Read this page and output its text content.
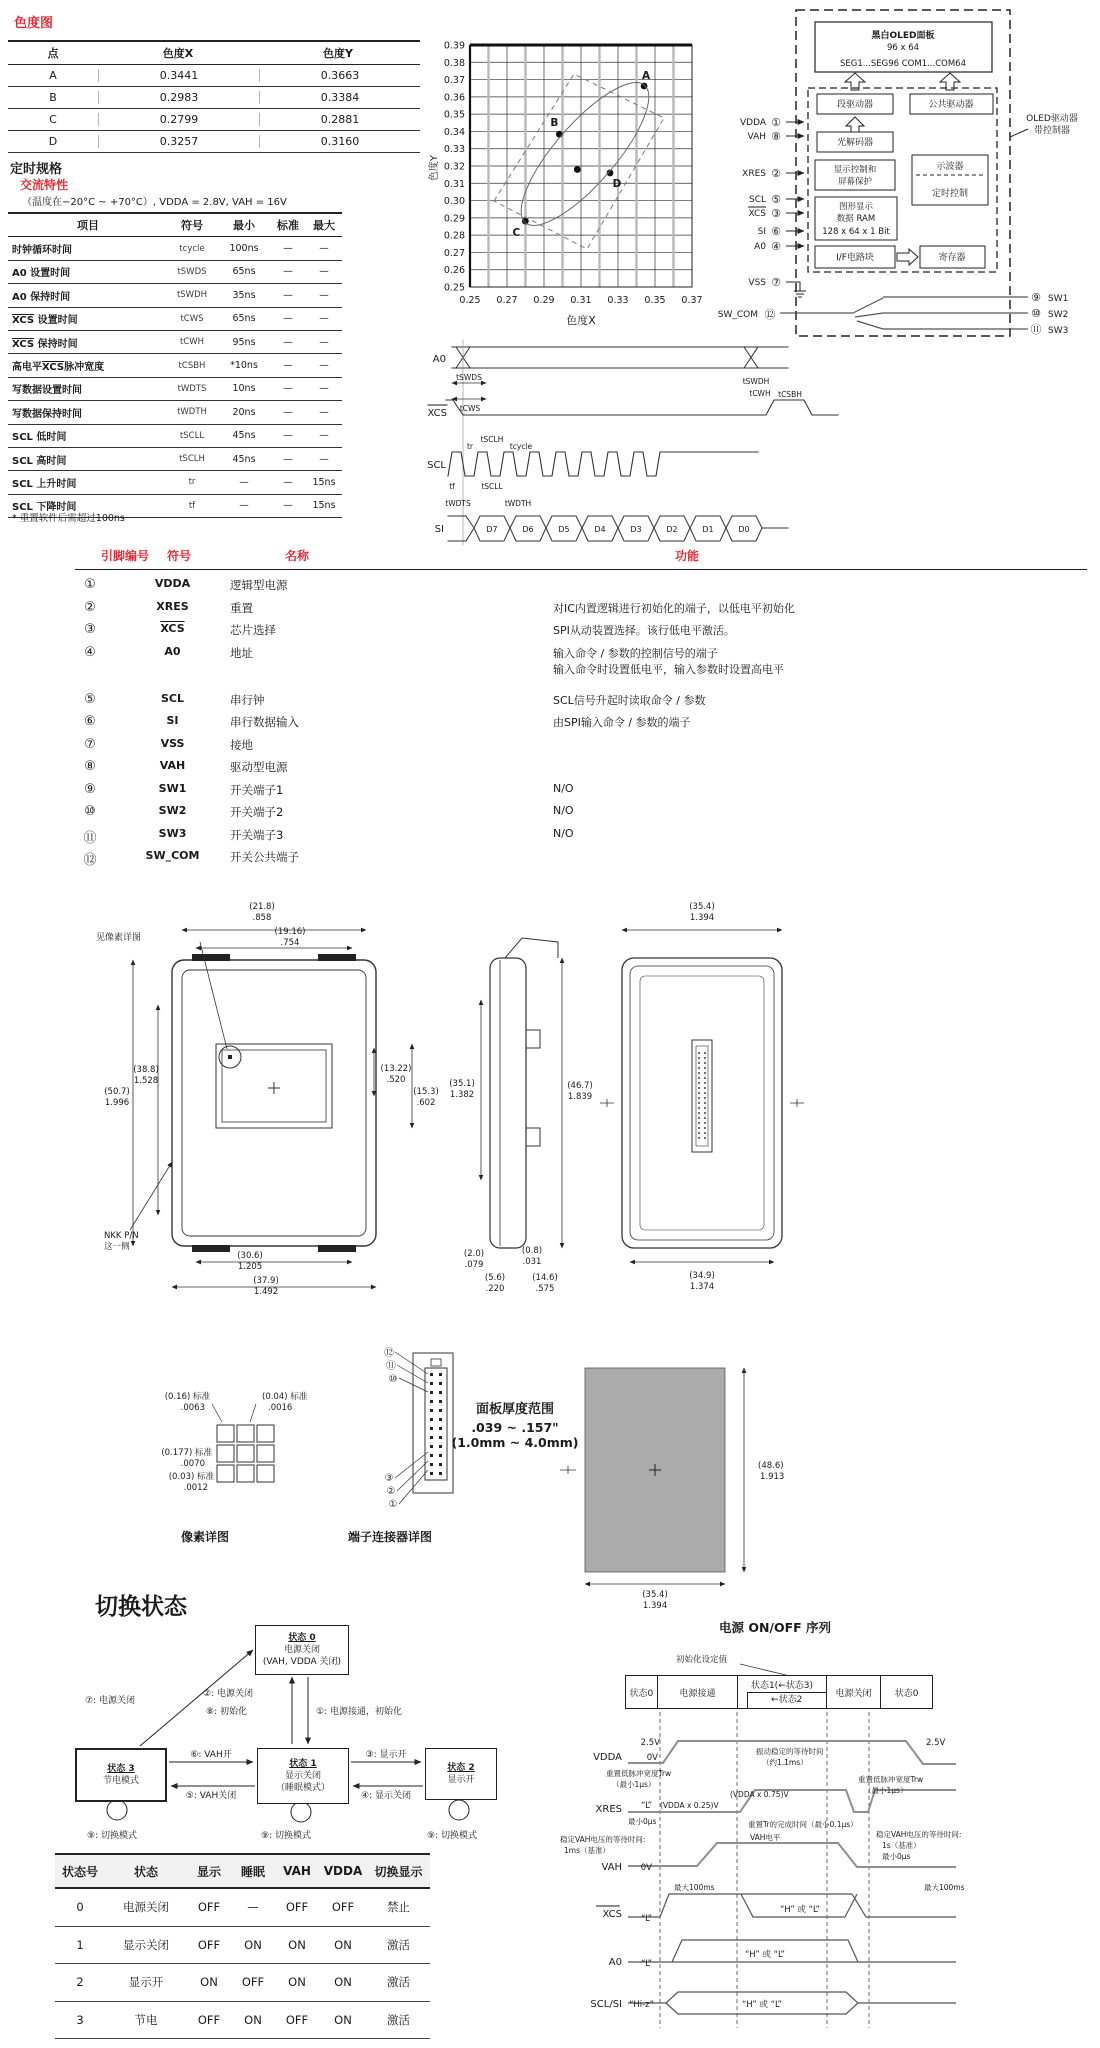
0.25
0.26
0.27
0.28
0.29
0.30
0.31
0.32
0.33
0.34
0.35
0.36
0.37
0.38
0.39
0.25 0.27 0.29 0.31 0.33 0.35 0.37
A
B
C
D
色度Y
色度X
A0
tSWDS
tCWS
XCS
tSWDH
tCWH tCSBH
SCL
tr
tSCLH
tcycle
tf	tSCLL
tWDTS	tWDTH
SI	D7	D6	D5	D4	D3	D2	D1	D0
黑白OLED面板
96 x 64
SEG1...SEG96 COM1...COM64
段驱动器	公共驱动器
光解码器
显示控制和
屏幕保护
示波器
定时控制
图形显示
数据 RAM
128 x 64 x 1 Bit
I/F电路块	寄存器
OLED驱动器
带控制器
VDDA ①
VAH ⑧
XRES ②
SCL ⑤
XCS ③
SI ⑥
A0 ④
VSS ⑦
SW_COM ⑫
⑨ SW1
⑩ SW2
⑪ SW3
见像素详图
(21.8)
.858
(19.16)
.754
(50.7)
1.996
(38.8)
1.528
(13.22)
.520
(15.3)
.602
(30.6)
1.205
(37.9)
1.492
NKK P/N
这一侧
(35.1)
1.382
(46.7)
1.839
(0.8)
.031
(2.0)
.079
(5.6)
.220
(14.6)
.575
(35.4)
1.394
(34.9)
1.374
(0.16) 标准
.0063
(0.04) 标准
.0016
(0.177) 标准
.0070
(0.03) 标准
.0012
⑫
⑪
⑩
③
②
①
(48.6)
1.913
(35.4)
1.394
⑦: 电源关闭
②: 电源关闭
⑧: 初始化	①: 电源接通，初始化
⑥: VAH开
⑤: VAH关闭
③: 显示开
④: 显示关闭
⑨: 切换模式	⑨: 切换模式	⑨: 切换模式
初始化设定值
VDDA
XRES
VAH
XCS
A0
SCL/SI
2.5V
0V
2.5V
“L”
0V
“L”
“L”
“Hi-z”
“H” 或 “L”
“H” 或 “L”
“H” 或 “L”
振动稳定的等待时间
（约1.1ms）
重置低脉冲宽度Trw
（最小1μs）
重置低脉冲宽度Trw
（最小1μs）
(VDDA x 0.75)V
(VDDA x 0.25)V
最小0μs	重置Tr的完成时间（最小0.1μs）
稳定VAH电压的等待时间:
1ms（基准）
VAH电平	稳定VAH电压的等待时间:
1s（基准）
最小0μs
最大100ms	最大100ms
色度图
点	色度X	色度Y
A	0.3441	0.3663
B	0.2983	0.3384
C	0.2799	0.2881
D	0.3257	0.3160
定时规格
交流特性
（温度在−20°C ~ +70°C）, VDDA = 2.8V, VAH = 16V
项目	符号	最小	标准	最大
时钟循环时间	tcycle	100ns	—	—
A0 设置时间	tSWDS	65ns	—	—
A0 保持时间	tSWDH	35ns	—	—
$\overline{XCS}$ 设置时间	tCWS	65ns	—	—
$\overline{XCS}$ 保持时间	tCWH	95ns	—	—
高电平$\overline{XCS}$脉冲宽度	tCSBH	*10ns	—	—
写数据设置时间	tWDTS	10ns	—	—
写数据保持时间	tWDTH	20ns	—	—
SCL 低时间	tSCLL	45ns	—	—
SCL 高时间	tSCLH	45ns	—	—
SCL 上升时间	tr	—	—	15ns
SCL 下降时间	tf	—	—	15ns
* 重置软件后需超过100ns
引脚编号 符号	名称	功能
①	VDDA	逻辑型电源
②	XRES	重置	对IC内置逻辑进行初始化的端子，以低电平初始化
③	$\overline{XCS}$	芯片选择	SPI从动装置选择。该行低电平激活。
④	A0	地址	输入命令 / 参数的控制信号的端子
输入命令时设置低电平，输入参数时设置高电平
⑤	SCL	串行钟	SCL信号升起时读取命令 / 参数
⑥	SI	串行数据输入	由SPI输入命令 / 参数的端子
⑦	VSS	接地
⑧	VAH	驱动型电源
⑨	SW1	开关端子1	N/O
⑩	SW2	开关端子2	N/O
⑪	SW3	开关端子3	N/O
⑫	SW_COM	开关公共端子
像素详图	端子连接器详图
面板厚度范围
.039 ~ .157"
(1.0mm ~ 4.0mm)
电源 ON/OFF 序列
切换状态
状态 0
电源关闭
(VAH, VDDA 关闭)
状态 3
节电模式
状态 1
显示关闭
（睡眠模式）
状态 2
显示开
状态号	状态	显示	睡眠	VAH	VDDA	切换显示
0	电源关闭	OFF	—	OFF	OFF	禁止
1	显示关闭	OFF	ON	ON	ON	激活
2	显示开	ON	OFF	ON	ON	激活
3	节电	OFF	ON	OFF	ON	激活
状态0	电源接通
状态1(←状态3)
←状态2
电源关闭	状态0
